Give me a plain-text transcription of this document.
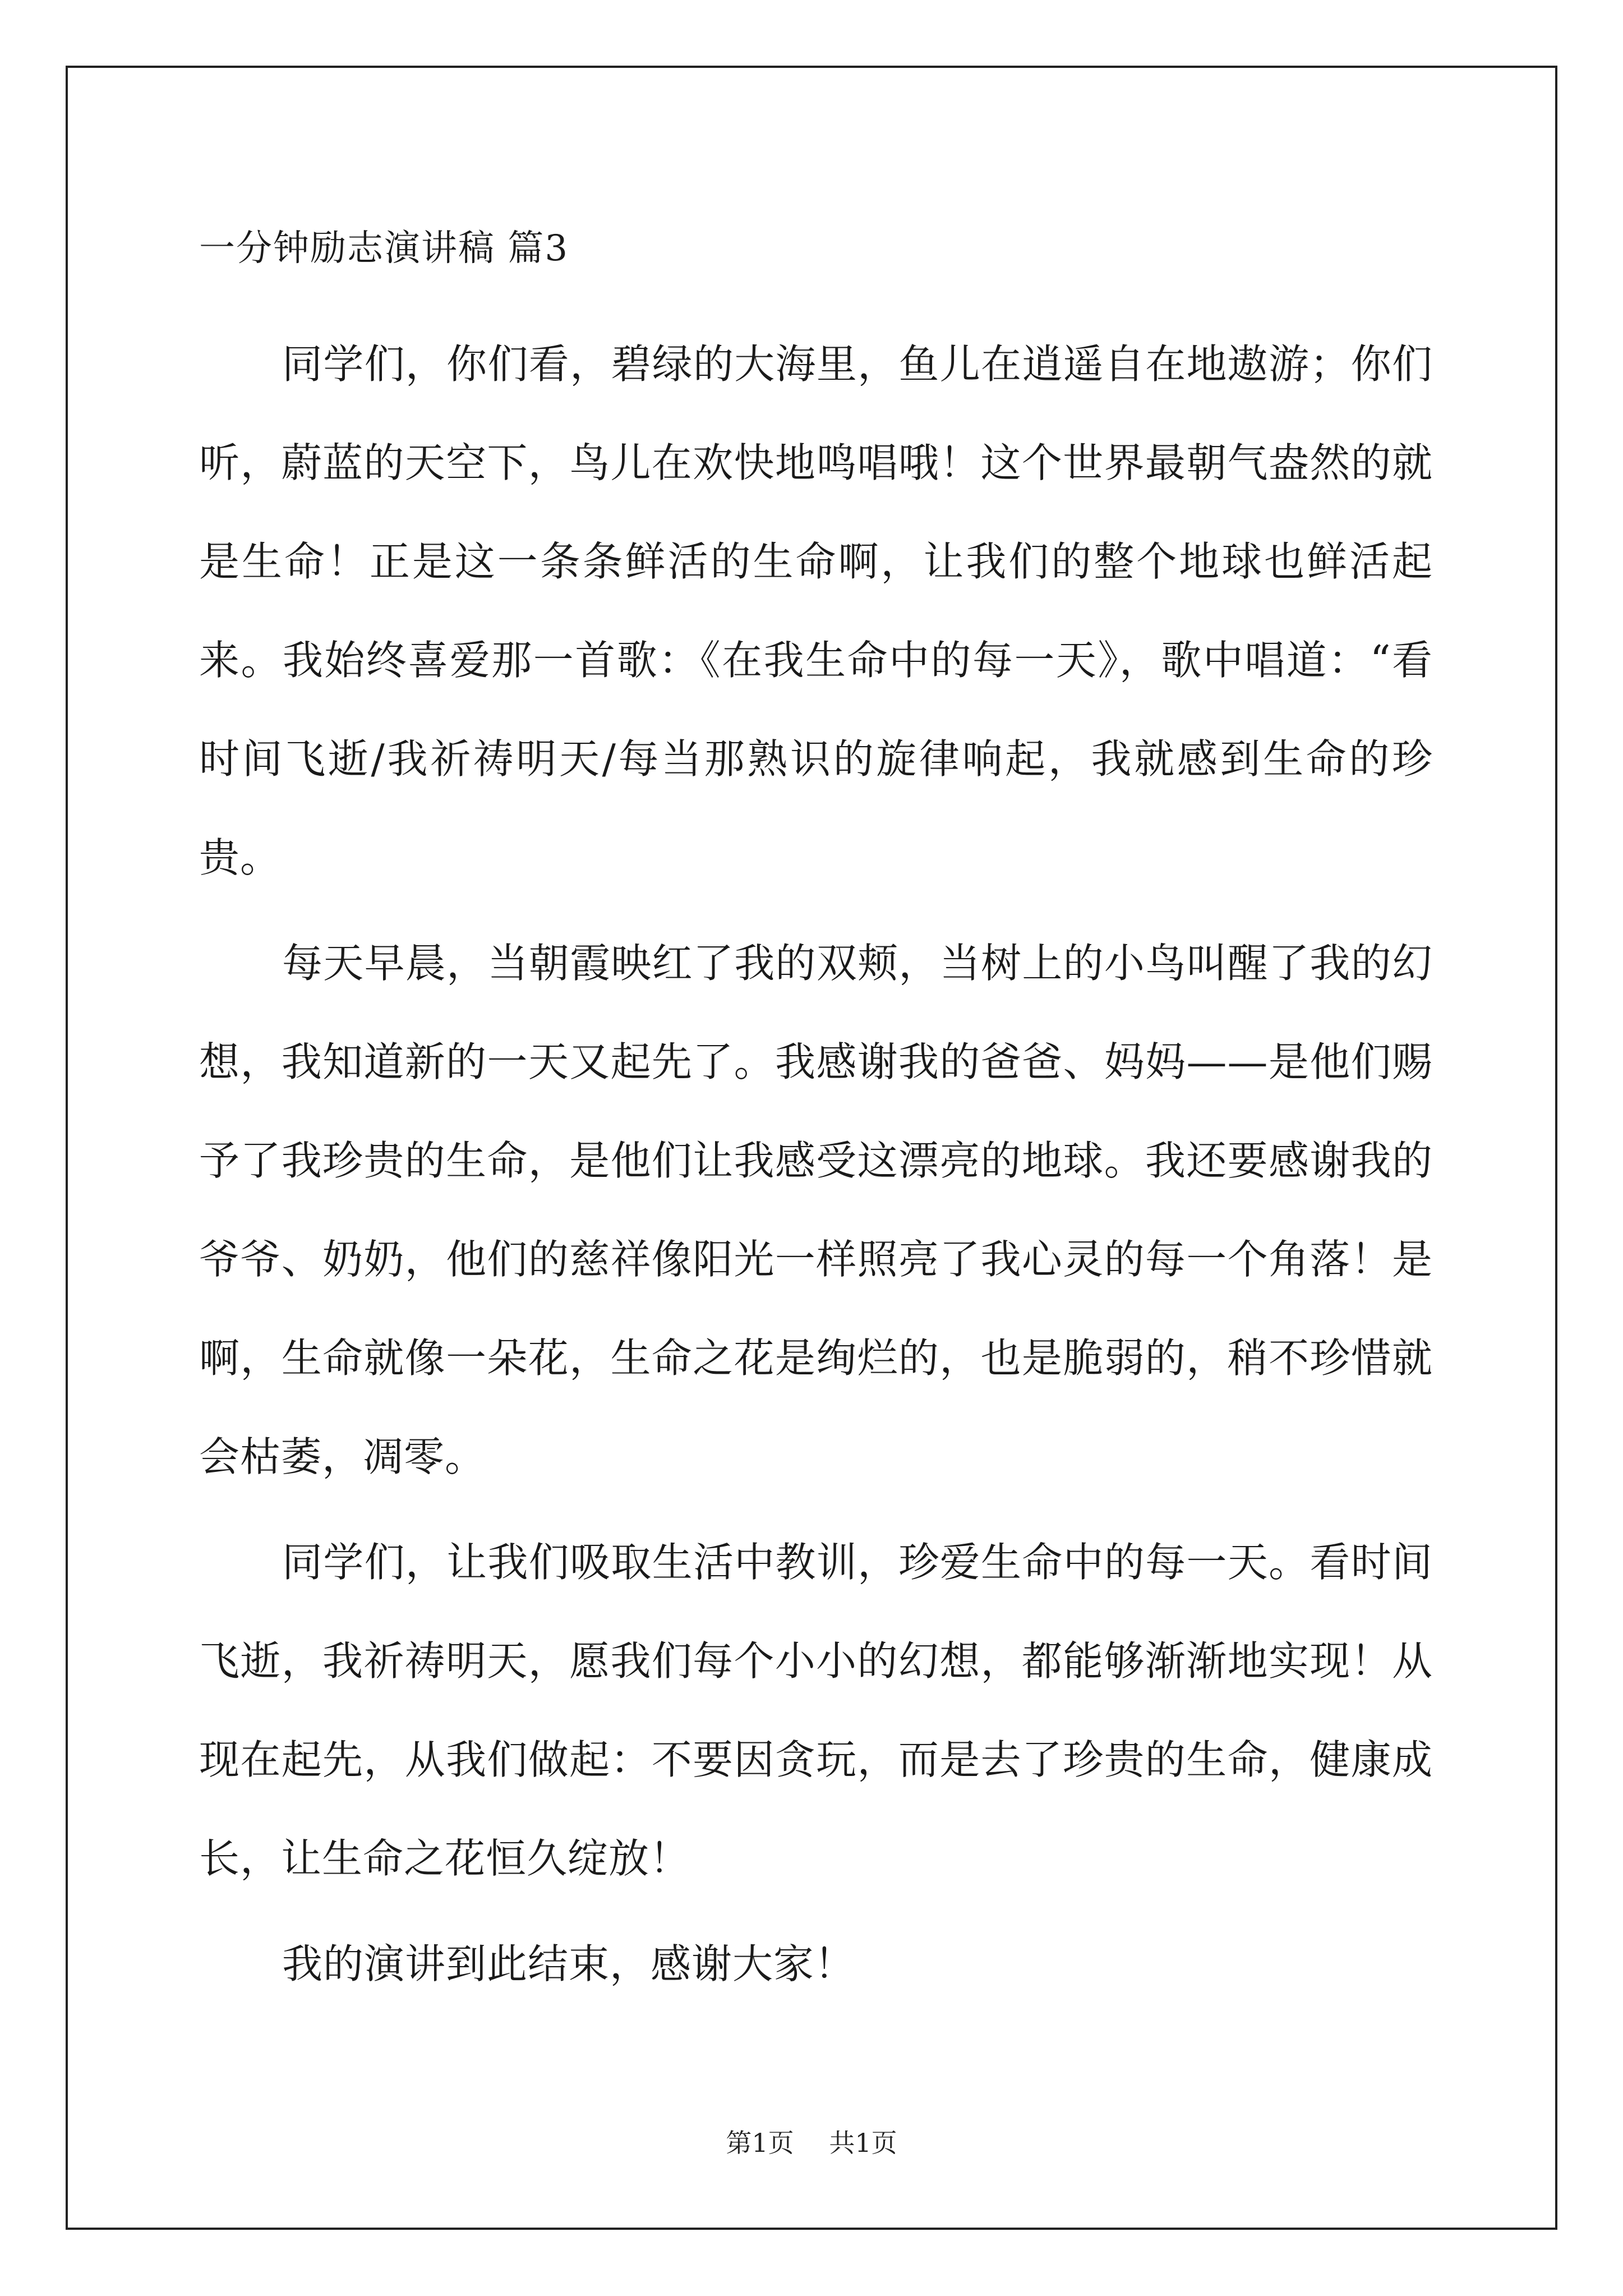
一分钟励志演讲稿 篇3

同学们，你们看，碧绿的大海里，鱼儿在逍遥自在地遨游；你们听，蔚蓝的天空下，鸟儿在欢快地鸣唱哦！这个世界最朝气盎然的就是生命！正是这一条条鲜活的生命啊，让我们的整个地球也鲜活起来。我始终喜爱那一首歌：《在我生命中的每一天》，歌中唱道：“看时间飞逝/我祈祷明天/每当那熟识的旋律响起，我就感到生命的珍贵。

每天早晨，当朝霞映红了我的双颊，当树上的小鸟叫醒了我的幻想，我知道新的一天又起先了。我感谢我的爸爸、妈妈——是他们赐予了我珍贵的生命，是他们让我感受这漂亮的地球。我还要感谢我的爷爷、奶奶，他们的慈祥像阳光一样照亮了我心灵的每一个角落！是啊，生命就像一朵花，生命之花是绚烂的，也是脆弱的，稍不珍惜就会枯萎，凋零。

同学们，让我们吸取生活中教训，珍爱生命中的每一天。看时间飞逝，我祈祷明天，愿我们每个小小的幻想，都能够渐渐地实现！从现在起先，从我们做起：不要因贪玩，而是去了珍贵的生命，健康成长，让生命之花恒久绽放！

我的演讲到此结束，感谢大家！

第1页 共1页
